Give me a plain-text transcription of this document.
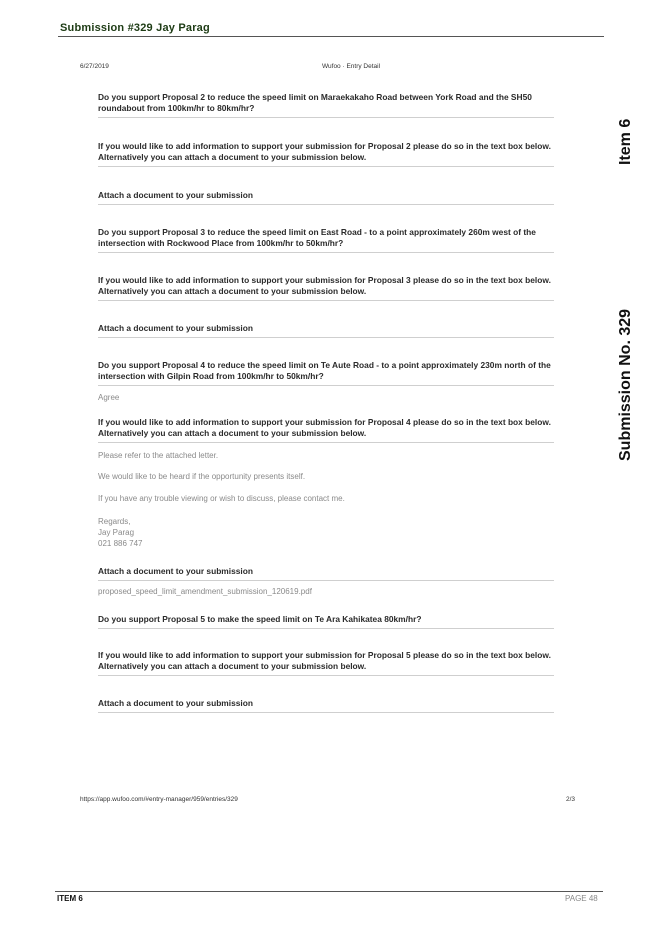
Submission #329 Jay Parag
6/27/2019	Wufoo · Entry Detail
Item 6
Submission No. 329
Do you support Proposal 2 to reduce the speed limit on Maraekakaho Road between York Road and the SH50 roundabout from 100km/hr to 80km/hr?
If you would like to add information to support your submission for Proposal 2 please do so in the text box below. Alternatively you can attach a document to your submission below.
Attach a document to your submission
Do you support Proposal 3 to reduce the speed limit on East Road - to a point approximately 260m west of the intersection with Rockwood Place from 100km/hr to 50km/hr?
If you would like to add information to support your submission for Proposal 3 please do so in the text box below. Alternatively you can attach a document to your submission below.
Attach a document to your submission
Do you support Proposal 4 to reduce the speed limit on Te Aute Road - to a point approximately 230m north of the intersection with Gilpin Road from 100km/hr to 50km/hr?
Agree
If you would like to add information to support your submission for Proposal 4 please do so in the text box below. Alternatively you can attach a document to your submission below.
Please refer to the attached letter.
We would like to be heard if the opportunity presents itself.
If you have any trouble viewing or wish to discuss, please contact me.
Regards,
Jay Parag
021 886 747
Attach a document to your submission
proposed_speed_limit_amendment_submission_120619.pdf
Do you support Proposal 5 to make the speed limit on Te Ara Kahikatea 80km/hr?
If you would like to add information to support your submission for Proposal 5 please do so in the text box below. Alternatively you can attach a document to your submission below.
Attach a document to your submission
https://app.wufoo.com/#entry-manager/959/entries/329	2/3
ITEM 6	PAGE 48
